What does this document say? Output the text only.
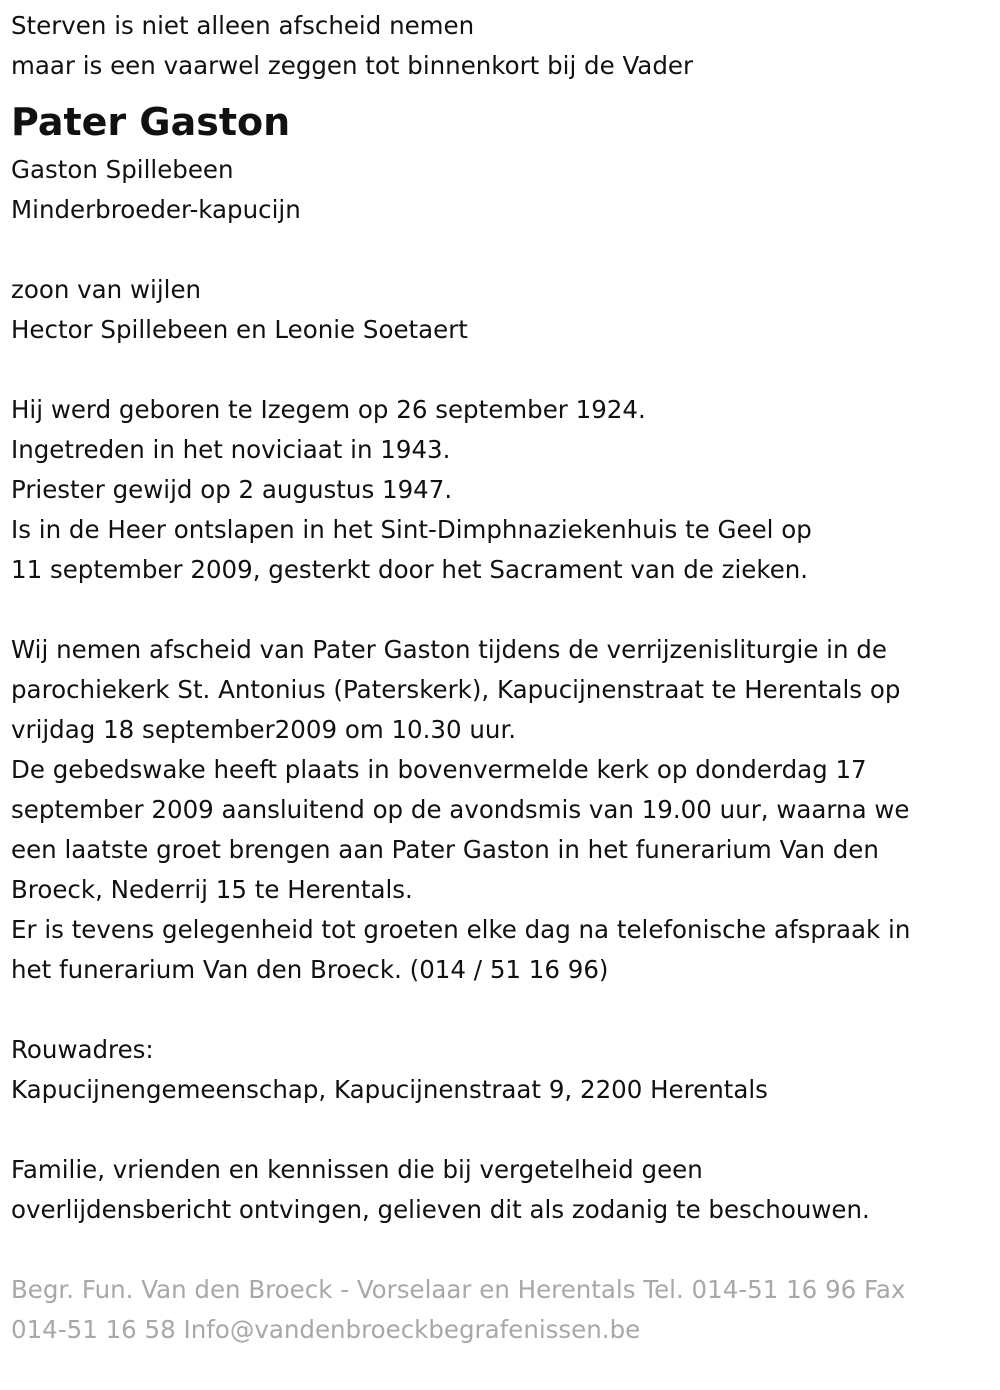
Sterven is niet alleen afscheid nemen

maar is een vaarwel zeggen tot binnenkort bij de Vader

Pater Gaston

Gaston Spillebeen

Minderbroeder-kapucijn

zoon van wijlen

Hector Spillebeen en Leonie Soetaert

Hij werd geboren te Izegem op 26 september 1924.

Ingetreden in het noviciaat in 1943.

Priester gewijd op 2 augustus 1947.

Is in de Heer ontslapen in het Sint-Dimphnaziekenhuis te Geel op

11 september 2009, gesterkt door het Sacrament van de zieken.

Wij nemen afscheid van Pater Gaston tijdens de verrijzenisliturgie in de

parochiekerk St. Antonius (Paterskerk), Kapucijnenstraat te Herentals op

vrijdag 18 september2009 om 10.30 uur.

De gebedswake heeft plaats in bovenvermelde kerk op donderdag 17

september 2009 aansluitend op de avondsmis van 19.00 uur, waarna we

een laatste groet brengen aan Pater Gaston in het funerarium Van den

Broeck, Nederrij 15 te Herentals.

Er is tevens gelegenheid tot groeten elke dag na telefonische afspraak in

het funerarium Van den Broeck. (014 / 51 16 96)

Rouwadres:

Kapucijnengemeenschap, Kapucijnenstraat 9, 2200 Herentals

Familie, vrienden en kennissen die bij vergetelheid geen

overlijdensbericht ontvingen, gelieven dit als zodanig te beschouwen.

Begr. Fun. Van den Broeck - Vorselaar en Herentals Tel. 014-51 16 96 Fax

014-51 16 58 Info@vandenbroeckbegrafenissen.be
